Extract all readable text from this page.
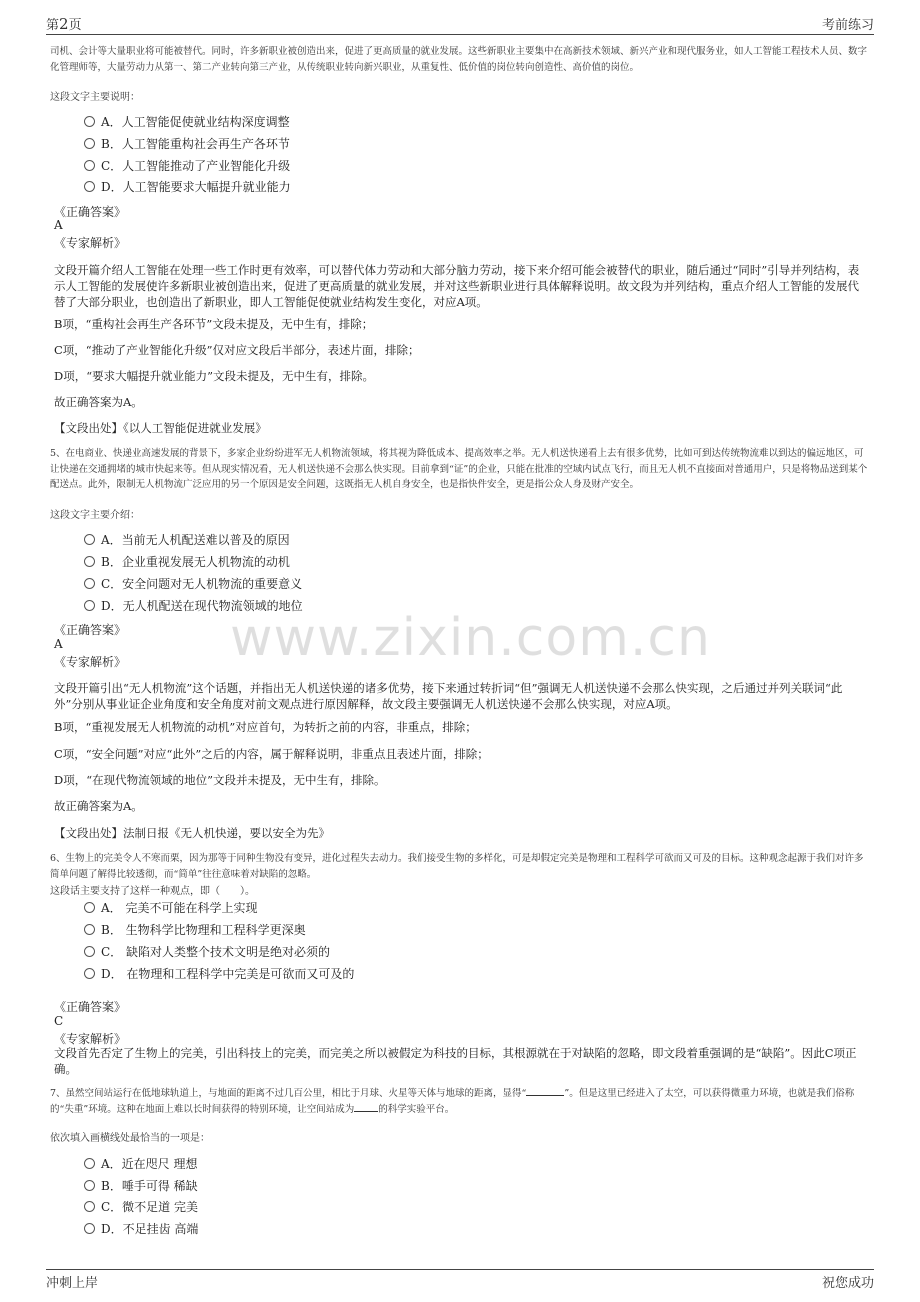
第2页	考前练习
司机、会计等大量职业将可能被替代。同时，许多新职业被创造出来，促进了更高质量的就业发展。这些新职业主要集中在高新技术领域、新兴产业和现代服务业，如人工智能工程技术人员、数字化管理师等，大量劳动力从第一、第二产业转向第三产业，从传统职业转向新兴职业，从重复性、低价值的岗位转向创造性、高价值的岗位。
这段文字主要说明：
A．人工智能促使就业结构深度调整
B．人工智能重构社会再生产各环节
C．人工智能推动了产业智能化升级
D．人工智能要求大幅提升就业能力
《正确答案》
A
《专家解析》
文段开篇介绍人工智能在处理一些工作时更有效率，可以替代体力劳动和大部分脑力劳动，接下来介绍可能会被替代的职业，随后通过“同时”引导并列结构，表示人工智能的发展使许多新职业被创造出来，促进了更高质量的就业发展，并对这些新职业进行具体解释说明。故文段为并列结构，重点介绍人工智能的发展代替了大部分职业，也创造出了新职业，即人工智能促使就业结构发生变化，对应A项。
B项，“重构社会再生产各环节”文段未提及，无中生有，排除；
C项，“推动了产业智能化升级”仅对应文段后半部分，表述片面，排除；
D项，“要求大幅提升就业能力”文段未提及，无中生有，排除。
故正确答案为A。
【文段出处】《以人工智能促进就业发展》
5、在电商业、快递业高速发展的背景下，多家企业纷纷进军无人机物流领域，将其视为降低成本、提高效率之举。无人机送快递看上去有很多优势，比如可到达传统物流难以到达的偏远地区，可让快递在交通拥堵的城市快起来等。但从现实情况看，无人机送快递不会那么快实现。目前拿到“证”的企业，只能在批准的空域内试点飞行，而且无人机不直接面对普通用户，只是将物品送到某个配送点。此外，限制无人机物流广泛应用的另一个原因是安全问题，这既指无人机自身安全，也是指快件安全，更是指公众人身及财产安全。
这段文字主要介绍：
A．当前无人机配送难以普及的原因
B．企业重视发展无人机物流的动机
C．安全问题对无人机物流的重要意义
D．无人机配送在现代物流领域的地位
《正确答案》
A
《专家解析》
文段开篇引出“无人机物流”这个话题，并指出无人机送快递的诸多优势，接下来通过转折词“但”强调无人机送快递不会那么快实现，之后通过并列关联词“此外”分别从事业证企业角度和安全角度对前文观点进行原因解释，故文段主要强调无人机送快递不会那么快实现，对应A项。
B项，“重视发展无人机物流的动机”对应首句，为转折之前的内容，非重点，排除；
C项，“安全问题”对应“此外”之后的内容，属于解释说明，非重点且表述片面，排除；
D项，“在现代物流领域的地位”文段并未提及，无中生有，排除。
故正确答案为A。
【文段出处】法制日报《无人机快递，要以安全为先》
6、生物上的完美令人不寒而栗，因为那等于同种生物没有变异，进化过程失去动力。我们接受生物的多样化，可是却假定完美是物理和工程科学可欲而又可及的目标。这种观念起源于我们对许多简单问题了解得比较透彻，而“简单”往往意味着对缺陷的忽略。
这段话主要支持了这样一种观点，即（　　）。
A． 完美不可能在科学上实现
B． 生物科学比物理和工程科学更深奥
C． 缺陷对人类整个技术文明是绝对必须的
D． 在物理和工程科学中完美是可欲而又可及的
《正确答案》
C
《专家解析》
文段首先否定了生物上的完美，引出科技上的完美，而完美之所以被假定为科技的目标，其根源就在于对缺陷的忽略，即文段着重强调的是“缺陷”。因此C项正确。
7、虽然空间站运行在低地球轨道上，与地面的距离不过几百公里，相比于月球、火星等天体与地球的距离，显得“	”。但是这里已经进入了太空，可以获得微重力环境，也就是我们俗称的“失重”环境。这种在地面上难以长时间获得的特别环境，让空间站成为	的科学实验平台。
依次填入画横线处最恰当的一项是：
A．近在咫尺 理想
B．唾手可得 稀缺
C．微不足道 完美
D．不足挂齿 高端
www.zixin.com.cn
冲刺上岸	祝您成功
